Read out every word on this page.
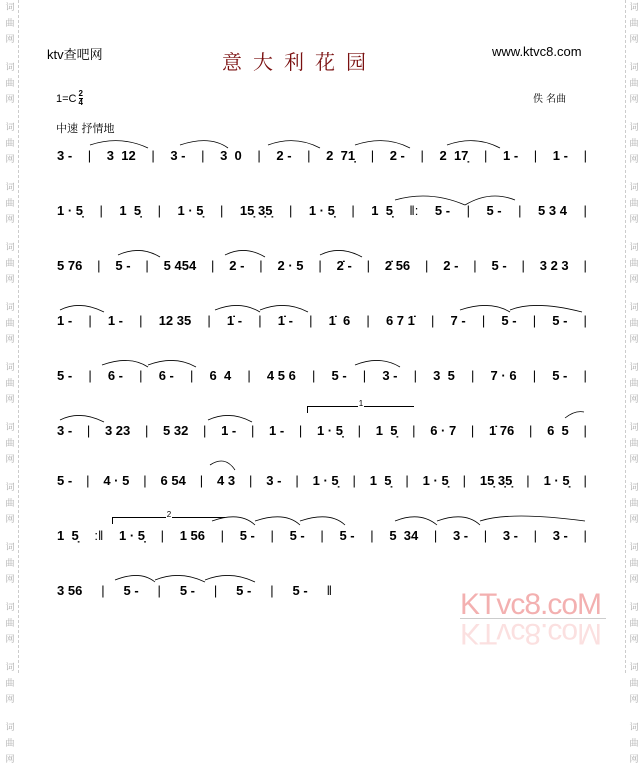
词
曲
网
词
曲
网
词
曲
网
词
曲
网
词
曲
网
词
曲
网
词
曲
网
词
曲
网
词
曲
网
词
曲
网
词
曲
网
词
曲
网
词
曲
网
词
曲
网
词
曲
网
词
曲
网
词
曲
网
词
曲
网
词
曲
网
词
曲
网
词
曲
网
词
曲
网
词
曲
网
词
曲
网
词
曲
网
词
曲
网
ktv查吧网	意大利花园	www.ktvc8.com
$1=C \frac{2}{4}$	佚 名曲
中速 抒情地
3 - | 3  12 | 3 - | 3  0 | 2 - | 2  71̣ | 2 - | 2  17̣ | 1 - | 1 - |
1 · 5̣ | 1  5̣ | 1 · 5̣ | 15̣ 3̣5̣ | 1 · 5̣ | 1  5̣ ‖: 5 - | 5 - | 5 3 4 |
5 76 | 5 - | 5 454 | 2 - | 2 · 5 | 2̇ - | 2̇ 56 | 2 - | 5 - | 3 2 3 |
1 - | 1 - | 12 35 | 1̇ - | 1̇ - | 1̇  6 | 6 7 1̇ | 7 - | 5 - | 5 - |
5 - | 6 - | 6 - | 6  4 | 4 5 6 | 5 - | 3 - | 3  5 | 7 · 6 | 5 - |
3 - | 3 23 | 5 32 | 1 - | 1 - | 1 · 5̣ | 1  5̣ | 6 · 7 | 1̇ 76 | 6  5 |
5 - | 4 · 5 | 6 54 | 4 3 | 3 - | 1 · 5̣ | 1  5̣ | 1 · 5̣ | 15̣ 3̣5̣ | 1 · 5̣ |
1  5̣ :‖ 1 · 5̣ | 1 56 | 5 - | 5 - | 5 - | 5  34 | 3 - | 3 - | 3 - |
3 56 | 5 - | 5 - | 5 - | 5 - ‖
1
2
KTvc8.coM
KTvc8.coM
